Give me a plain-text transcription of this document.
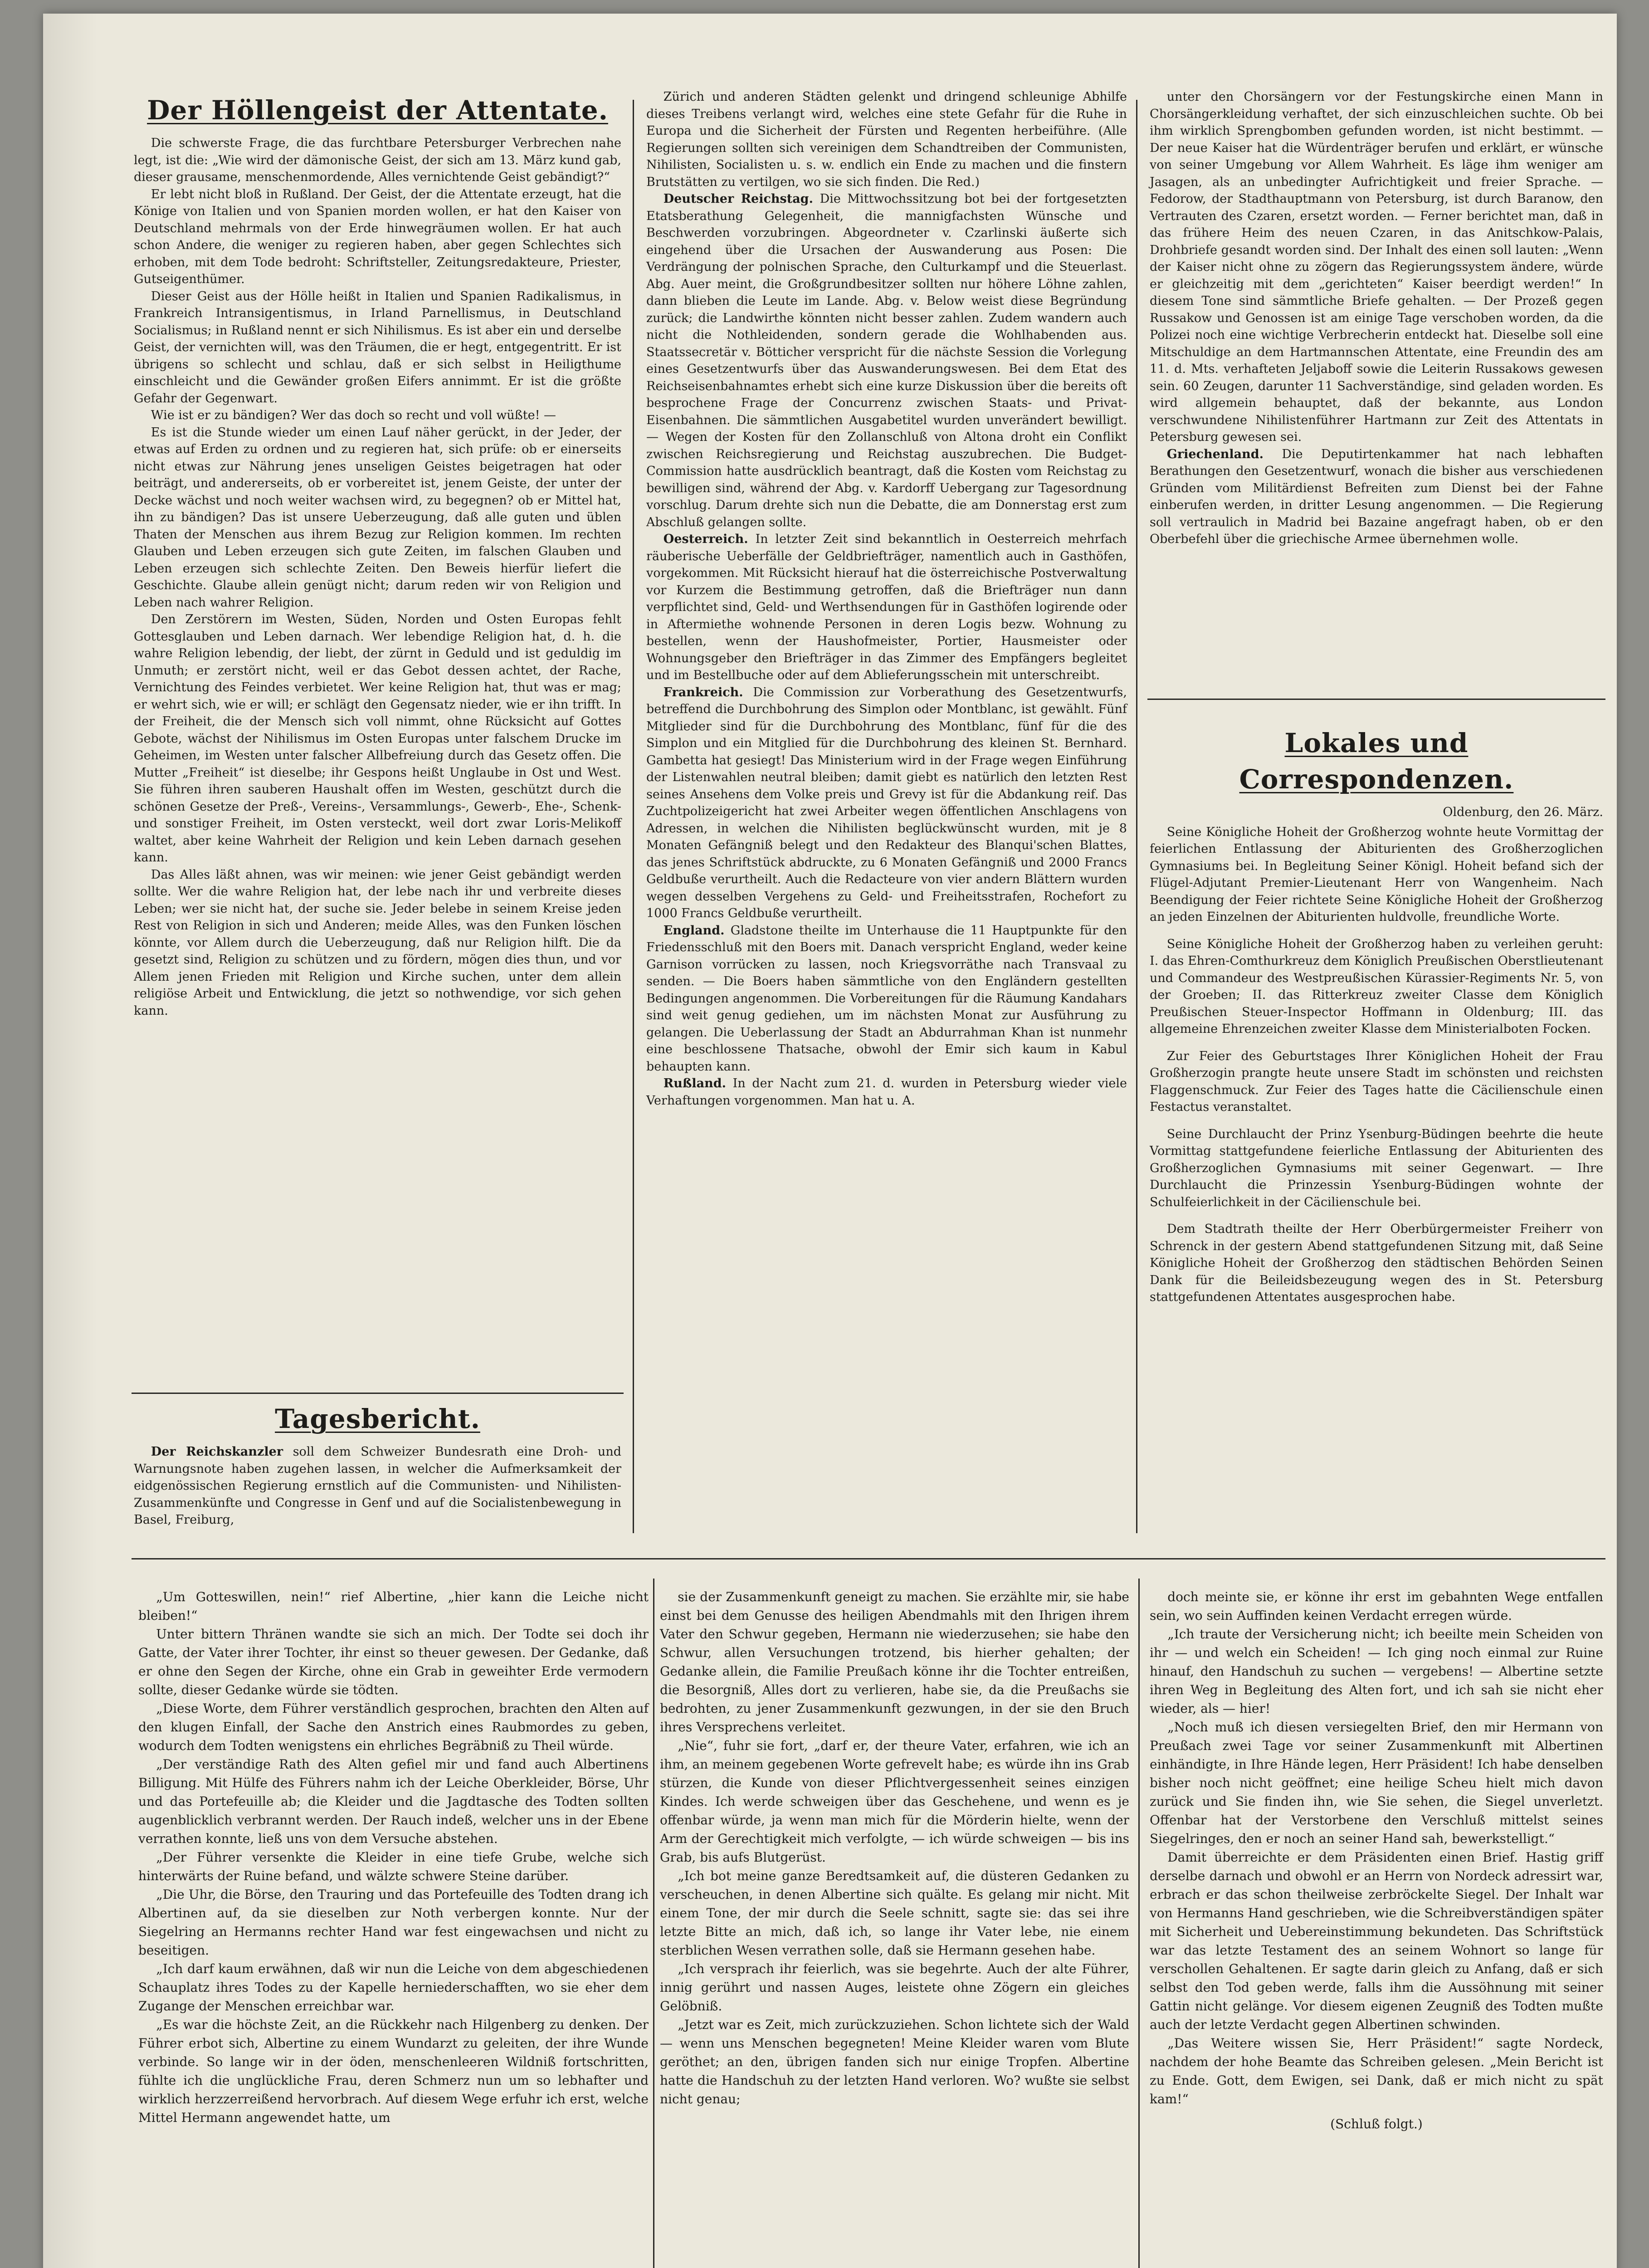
Der Höllengeist der Attentate.

Die schwerste Frage, die das furchtbare Petersburger Verbrechen nahe legt, ist die: „Wie wird der dämonische Geist, der sich am 13. März kund gab, dieser grausame, menschenmordende, Alles vernichtende Geist gebändigt?“

Er lebt nicht bloß in Rußland. Der Geist, der die Attentate erzeugt, hat die Könige von Italien und von Spanien morden wollen, er hat den Kaiser von Deutschland mehrmals von der Erde hinwegräumen wollen. Er hat auch schon Andere, die weniger zu regieren haben, aber gegen Schlechtes sich erhoben, mit dem Tode bedroht: Schriftsteller, Zeitungsredakteure, Priester, Gutseigenthümer.

Dieser Geist aus der Hölle heißt in Italien und Spanien Radikalismus, in Frankreich Intransigentismus, in Irland Parnellismus, in Deutschland Socialismus; in Rußland nennt er sich Nihilismus. Es ist aber ein und derselbe Geist, der vernichten will, was den Träumen, die er hegt, entgegentritt. Er ist übrigens so schlecht und schlau, daß er sich selbst in Heiligthume einschleicht und die Gewänder großen Eifers annimmt. Er ist die größte Gefahr der Gegenwart.

Wie ist er zu bändigen? Wer das doch so recht und voll wüßte! —

Es ist die Stunde wieder um einen Lauf näher gerückt, in der Jeder, der etwas auf Erden zu ordnen und zu regieren hat, sich prüfe: ob er einerseits nicht etwas zur Nährung jenes unseligen Geistes beigetragen hat oder beiträgt, und andererseits, ob er vorbereitet ist, jenem Geiste, der unter der Decke wächst und noch weiter wachsen wird, zu begegnen? ob er Mittel hat, ihn zu bändigen? Das ist unsere Ueberzeugung, daß alle guten und üblen Thaten der Menschen aus ihrem Bezug zur Religion kommen. Im rechten Glauben und Leben erzeugen sich gute Zeiten, im falschen Glauben und Leben erzeugen sich schlechte Zeiten. Den Beweis hierfür liefert die Geschichte. Glaube allein genügt nicht; darum reden wir von Religion und Leben nach wahrer Religion.

Den Zerstörern im Westen, Süden, Norden und Osten Europas fehlt Gottesglauben und Leben darnach. Wer lebendige Religion hat, d. h. die wahre Religion lebendig, der liebt, der zürnt in Geduld und ist geduldig im Unmuth; er zerstört nicht, weil er das Gebot dessen achtet, der Rache, Vernichtung des Feindes verbietet. Wer keine Religion hat, thut was er mag; er wehrt sich, wie er will; er schlägt den Gegensatz nieder, wie er ihn trifft. In der Freiheit, die der Mensch sich voll nimmt, ohne Rücksicht auf Gottes Gebote, wächst der Nihilismus im Osten Europas unter falschem Drucke im Geheimen, im Westen unter falscher Allbefreiung durch das Gesetz offen. Die Mutter „Freiheit“ ist dieselbe; ihr Gespons heißt Unglaube in Ost und West. Sie führen ihren sauberen Haushalt offen im Westen, geschützt durch die schönen Gesetze der Preß-, Vereins-, Versammlungs-, Gewerb-, Ehe-, Schenk- und sonstiger Freiheit, im Osten versteckt, weil dort zwar Loris-Melikoff waltet, aber keine Wahrheit der Religion und kein Leben darnach gesehen kann.

Das Alles läßt ahnen, was wir meinen: wie jener Geist gebändigt werden sollte. Wer die wahre Religion hat, der lebe nach ihr und verbreite dieses Leben; wer sie nicht hat, der suche sie. Jeder belebe in seinem Kreise jeden Rest von Religion in sich und Anderen; meide Alles, was den Funken löschen könnte, vor Allem durch die Ueberzeugung, daß nur Religion hilft. Die da gesetzt sind, Religion zu schützen und zu fördern, mögen dies thun, und vor Allem jenen Frieden mit Religion und Kirche suchen, unter dem allein religiöse Arbeit und Entwicklung, die jetzt so nothwendige, vor sich gehen kann.

Tagesbericht.

Der Reichskanzler soll dem Schweizer Bundesrath eine Droh- und Warnungsnote haben zugehen lassen, in welcher die Aufmerksamkeit der eidgenössischen Regierung ernstlich auf die Communisten- und Nihilisten-Zusammenkünfte und Congresse in Genf und auf die Socialistenbewegung in Basel, Freiburg,

Zürich und anderen Städten gelenkt und dringend schleunige Abhilfe dieses Treibens verlangt wird, welches eine stete Gefahr für die Ruhe in Europa und die Sicherheit der Fürsten und Regenten herbeiführe. (Alle Regierungen sollten sich vereinigen dem Schandtreiben der Communisten, Nihilisten, Socialisten u. s. w. endlich ein Ende zu machen und die finstern Brutstätten zu vertilgen, wo sie sich finden. Die Red.)

Deutscher Reichstag. Die Mittwochssitzung bot bei der fortgesetzten Etatsberathung Gelegenheit, die mannigfachsten Wünsche und Beschwerden vorzubringen. Abgeordneter v. Czarlinski äußerte sich eingehend über die Ursachen der Auswanderung aus Posen: Die Verdrängung der polnischen Sprache, den Culturkampf und die Steuerlast. Abg. Auer meint, die Großgrundbesitzer sollten nur höhere Löhne zahlen, dann blieben die Leute im Lande. Abg. v. Below weist diese Begründung zurück; die Landwirthe könnten nicht besser zahlen. Zudem wandern auch nicht die Nothleidenden, sondern gerade die Wohlhabenden aus. Staatssecretär v. Bötticher verspricht für die nächste Session die Vorlegung eines Gesetzentwurfs über das Auswanderungswesen. Bei dem Etat des Reichseisenbahnamtes erhebt sich eine kurze Diskussion über die bereits oft besprochene Frage der Concurrenz zwischen Staats- und Privat-Eisenbahnen. Die sämmtlichen Ausgabetitel wurden unverändert bewilligt. — Wegen der Kosten für den Zollanschluß von Altona droht ein Conflikt zwischen Reichsregierung und Reichstag auszubrechen. Die Budget-Commission hatte ausdrücklich beantragt, daß die Kosten vom Reichstag zu bewilligen sind, während der Abg. v. Kardorff Uebergang zur Tagesordnung vorschlug. Darum drehte sich nun die Debatte, die am Donnerstag erst zum Abschluß gelangen sollte.

Oesterreich. In letzter Zeit sind bekanntlich in Oesterreich mehrfach räuberische Ueberfälle der Geldbriefträger, namentlich auch in Gasthöfen, vorgekommen. Mit Rücksicht hierauf hat die österreichische Postverwaltung vor Kurzem die Bestimmung getroffen, daß die Briefträger nun dann verpflichtet sind, Geld- und Werthsendungen für in Gasthöfen logirende oder in Aftermiethe wohnende Personen in deren Logis bezw. Wohnung zu bestellen, wenn der Haushofmeister, Portier, Hausmeister oder Wohnungsgeber den Briefträger in das Zimmer des Empfängers begleitet und im Bestellbuche oder auf dem Ablieferungsschein mit unterschreibt.

Frankreich. Die Commission zur Vorberathung des Gesetzentwurfs, betreffend die Durchbohrung des Simplon oder Montblanc, ist gewählt. Fünf Mitglieder sind für die Durchbohrung des Montblanc, fünf für die des Simplon und ein Mitglied für die Durchbohrung des kleinen St. Bernhard. Gambetta hat gesiegt! Das Ministerium wird in der Frage wegen Einführung der Listenwahlen neutral bleiben; damit giebt es natürlich den letzten Rest seines Ansehens dem Volke preis und Grevy ist für die Abdankung reif. Das Zuchtpolizeigericht hat zwei Arbeiter wegen öffentlichen Anschlagens von Adressen, in welchen die Nihilisten beglückwünscht wurden, mit je 8 Monaten Gefängniß belegt und den Redakteur des Blanqui'schen Blattes, das jenes Schriftstück abdruckte, zu 6 Monaten Gefängniß und 2000 Francs Geldbuße verurtheilt. Auch die Redacteure von vier andern Blättern wurden wegen desselben Vergehens zu Geld- und Freiheitsstrafen, Rochefort zu 1000 Francs Geldbuße verurtheilt.

England. Gladstone theilte im Unterhause die 11 Hauptpunkte für den Friedensschluß mit den Boers mit. Danach verspricht England, weder keine Garnison vorrücken zu lassen, noch Kriegsvorräthe nach Transvaal zu senden. — Die Boers haben sämmtliche von den Engländern gestellten Bedingungen angenommen. Die Vorbereitungen für die Räumung Kandahars sind weit genug gediehen, um im nächsten Monat zur Ausführung zu gelangen. Die Ueberlassung der Stadt an Abdurrahman Khan ist nunmehr eine beschlossene Thatsache, obwohl der Emir sich kaum in Kabul behaupten kann.

Rußland. In der Nacht zum 21. d. wurden in Petersburg wieder viele Verhaftungen vorgenommen. Man hat u. A.

unter den Chorsängern vor der Festungskirche einen Mann in Chorsängerkleidung verhaftet, der sich einzuschleichen suchte. Ob bei ihm wirklich Sprengbomben gefunden worden, ist nicht bestimmt. — Der neue Kaiser hat die Würdenträger berufen und erklärt, er wünsche von seiner Umgebung vor Allem Wahrheit. Es läge ihm weniger am Jasagen, als an unbedingter Aufrichtigkeit und freier Sprache. — Fedorow, der Stadthauptmann von Petersburg, ist durch Baranow, den Vertrauten des Czaren, ersetzt worden. — Ferner berichtet man, daß in das frühere Heim des neuen Czaren, in das Anitschkow-Palais, Drohbriefe gesandt worden sind. Der Inhalt des einen soll lauten: „Wenn der Kaiser nicht ohne zu zögern das Regierungssystem ändere, würde er gleichzeitig mit dem „gerichteten“ Kaiser beerdigt werden!“ In diesem Tone sind sämmtliche Briefe gehalten. — Der Prozeß gegen Russakow und Genossen ist am einige Tage verschoben worden, da die Polizei noch eine wichtige Verbrecherin entdeckt hat. Dieselbe soll eine Mitschuldige an dem Hartmannschen Attentate, eine Freundin des am 11. d. Mts. verhafteten Jeljaboff sowie die Leiterin Russakows gewesen sein. 60 Zeugen, darunter 11 Sachverständige, sind geladen worden. Es wird allgemein behauptet, daß der bekannte, aus London verschwundene Nihilistenführer Hartmann zur Zeit des Attentats in Petersburg gewesen sei.

Griechenland. Die Deputirtenkammer hat nach lebhaften Berathungen den Gesetzentwurf, wonach die bisher aus verschiedenen Gründen vom Militärdienst Befreiten zum Dienst bei der Fahne einberufen werden, in dritter Lesung angenommen. — Die Regierung soll vertraulich in Madrid bei Bazaine angefragt haben, ob er den Oberbefehl über die griechische Armee übernehmen wolle.

Lokales und Correspondenzen.
Oldenburg, den 26. März.

Seine Königliche Hoheit der Großherzog wohnte heute Vormittag der feierlichen Entlassung der Abiturienten des Großherzoglichen Gymnasiums bei. In Begleitung Seiner Königl. Hoheit befand sich der Flügel-Adjutant Premier-Lieutenant Herr von Wangenheim. Nach Beendigung der Feier richtete Seine Königliche Hoheit der Großherzog an jeden Einzelnen der Abiturienten huldvolle, freundliche Worte.

Seine Königliche Hoheit der Großherzog haben zu verleihen geruht: I. das Ehren-Comthurkreuz dem Königlich Preußischen Oberstlieutenant und Commandeur des Westpreußischen Kürassier-Regiments Nr. 5, von der Groeben; II. das Ritterkreuz zweiter Classe dem Königlich Preußischen Steuer-Inspector Hoffmann in Oldenburg; III. das allgemeine Ehrenzeichen zweiter Klasse dem Ministerialboten Focken.

Zur Feier des Geburtstages Ihrer Königlichen Hoheit der Frau Großherzogin prangte heute unsere Stadt im schönsten und reichsten Flaggenschmuck. Zur Feier des Tages hatte die Cäcilienschule einen Festactus veranstaltet.

Seine Durchlaucht der Prinz Ysenburg-Büdingen beehrte die heute Vormittag stattgefundene feierliche Entlassung der Abiturienten des Großherzoglichen Gymnasiums mit seiner Gegenwart. — Ihre Durchlaucht die Prinzessin Ysenburg-Büdingen wohnte der Schulfeierlichkeit in der Cäcilienschule bei.

Dem Stadtrath theilte der Herr Oberbürgermeister Freiherr von Schrenck in der gestern Abend stattgefundenen Sitzung mit, daß Seine Königliche Hoheit der Großherzog den städtischen Behörden Seinen Dank für die Beileidsbezeugung wegen des in St. Petersburg stattgefundenen Attentates ausgesprochen habe.

„Um Gotteswillen, nein!“ rief Albertine, „hier kann die Leiche nicht bleiben!“

Unter bittern Thränen wandte sie sich an mich. Der Todte sei doch ihr Gatte, der Vater ihrer Tochter, ihr einst so theuer gewesen. Der Gedanke, daß er ohne den Segen der Kirche, ohne ein Grab in geweihter Erde vermodern sollte, dieser Gedanke würde sie tödten.

„Diese Worte, dem Führer verständlich gesprochen, brachten den Alten auf den klugen Einfall, der Sache den Anstrich eines Raubmordes zu geben, wodurch dem Todten wenigstens ein ehrliches Begräbniß zu Theil würde.

„Der verständige Rath des Alten gefiel mir und fand auch Albertinens Billigung. Mit Hülfe des Führers nahm ich der Leiche Oberkleider, Börse, Uhr und das Portefeuille ab; die Kleider und die Jagdtasche des Todten sollten augenblicklich verbrannt werden. Der Rauch indeß, welcher uns in der Ebene verrathen konnte, ließ uns von dem Versuche abstehen.

„Der Führer versenkte die Kleider in eine tiefe Grube, welche sich hinterwärts der Ruine befand, und wälzte schwere Steine darüber.

„Die Uhr, die Börse, den Trauring und das Portefeuille des Todten drang ich Albertinen auf, da sie dieselben zur Noth verbergen konnte. Nur der Siegelring an Hermanns rechter Hand war fest eingewachsen und nicht zu beseitigen.

„Ich darf kaum erwähnen, daß wir nun die Leiche von dem abgeschiedenen Schauplatz ihres Todes zu der Kapelle herniederschafften, wo sie eher dem Zugange der Menschen erreichbar war.

„Es war die höchste Zeit, an die Rückkehr nach Hilgenberg zu denken. Der Führer erbot sich, Albertine zu einem Wundarzt zu geleiten, der ihre Wunde verbinde. So lange wir in der öden, menschenleeren Wildniß fortschritten, fühlte ich die unglückliche Frau, deren Schmerz nun um so lebhafter und wirklich herzzerreißend hervorbrach. Auf diesem Wege erfuhr ich erst, welche Mittel Hermann angewendet hatte, um

sie der Zusammenkunft geneigt zu machen. Sie erzählte mir, sie habe einst bei dem Genusse des heiligen Abendmahls mit den Ihrigen ihrem Vater den Schwur gegeben, Hermann nie wiederzusehen; sie habe den Schwur, allen Versuchungen trotzend, bis hierher gehalten; der Gedanke allein, die Familie Preußach könne ihr die Tochter entreißen, die Besorgniß, Alles dort zu verlieren, habe sie, da die Preußachs sie bedrohten, zu jener Zusammenkunft gezwungen, in der sie den Bruch ihres Versprechens verleitet.

„Nie“, fuhr sie fort, „darf er, der theure Vater, erfahren, wie ich an ihm, an meinem gegebenen Worte gefrevelt habe; es würde ihn ins Grab stürzen, die Kunde von dieser Pflichtvergessenheit seines einzigen Kindes. Ich werde schweigen über das Geschehene, und wenn es je offenbar würde, ja wenn man mich für die Mörderin hielte, wenn der Arm der Gerechtigkeit mich verfolgte, — ich würde schweigen — bis ins Grab, bis aufs Blutgerüst.

„Ich bot meine ganze Beredtsamkeit auf, die düsteren Gedanken zu verscheuchen, in denen Albertine sich quälte. Es gelang mir nicht. Mit einem Tone, der mir durch die Seele schnitt, sagte sie: das sei ihre letzte Bitte an mich, daß ich, so lange ihr Vater lebe, nie einem sterblichen Wesen verrathen solle, daß sie Hermann gesehen habe.

„Ich versprach ihr feierlich, was sie begehrte. Auch der alte Führer, innig gerührt und nassen Auges, leistete ohne Zögern ein gleiches Gelöbniß.

„Jetzt war es Zeit, mich zurückzuziehen. Schon lichtete sich der Wald — wenn uns Menschen begegneten! Meine Kleider waren vom Blute geröthet; an den, übrigen fanden sich nur einige Tropfen. Albertine hatte die Handschuh zu der letzten Hand verloren. Wo? wußte sie selbst nicht genau;

doch meinte sie, er könne ihr erst im gebahnten Wege entfallen sein, wo sein Auffinden keinen Verdacht erregen würde.

„Ich traute der Versicherung nicht; ich beeilte mein Scheiden von ihr — und welch ein Scheiden! — Ich ging noch einmal zur Ruine hinauf, den Handschuh zu suchen — vergebens! — Albertine setzte ihren Weg in Begleitung des Alten fort, und ich sah sie nicht eher wieder, als — hier!

„Noch muß ich diesen versiegelten Brief, den mir Hermann von Preußach zwei Tage vor seiner Zusammenkunft mit Albertinen einhändigte, in Ihre Hände legen, Herr Präsident! Ich habe denselben bisher noch nicht geöffnet; eine heilige Scheu hielt mich davon zurück und Sie finden ihn, wie Sie sehen, die Siegel unverletzt. Offenbar hat der Verstorbene den Verschluß mittelst seines Siegelringes, den er noch an seiner Hand sah, bewerkstelligt.“

Damit überreichte er dem Präsidenten einen Brief. Hastig griff derselbe darnach und obwohl er an Herrn von Nordeck adressirt war, erbrach er das schon theilweise zerbröckelte Siegel. Der Inhalt war von Hermanns Hand geschrieben, wie die Schreibverständigen später mit Sicherheit und Uebereinstimmung bekundeten. Das Schriftstück war das letzte Testament des an seinem Wohnort so lange für verschollen Gehaltenen. Er sagte darin gleich zu Anfang, daß er sich selbst den Tod geben werde, falls ihm die Aussöhnung mit seiner Gattin nicht gelänge. Vor diesem eigenen Zeugniß des Todten mußte auch der letzte Verdacht gegen Albertinen schwinden.

„Das Weitere wissen Sie, Herr Präsident!“ sagte Nordeck, nachdem der hohe Beamte das Schreiben gelesen. „Mein Bericht ist zu Ende. Gott, dem Ewigen, sei Dank, daß er mich nicht zu spät kam!“

(Schluß folgt.)
